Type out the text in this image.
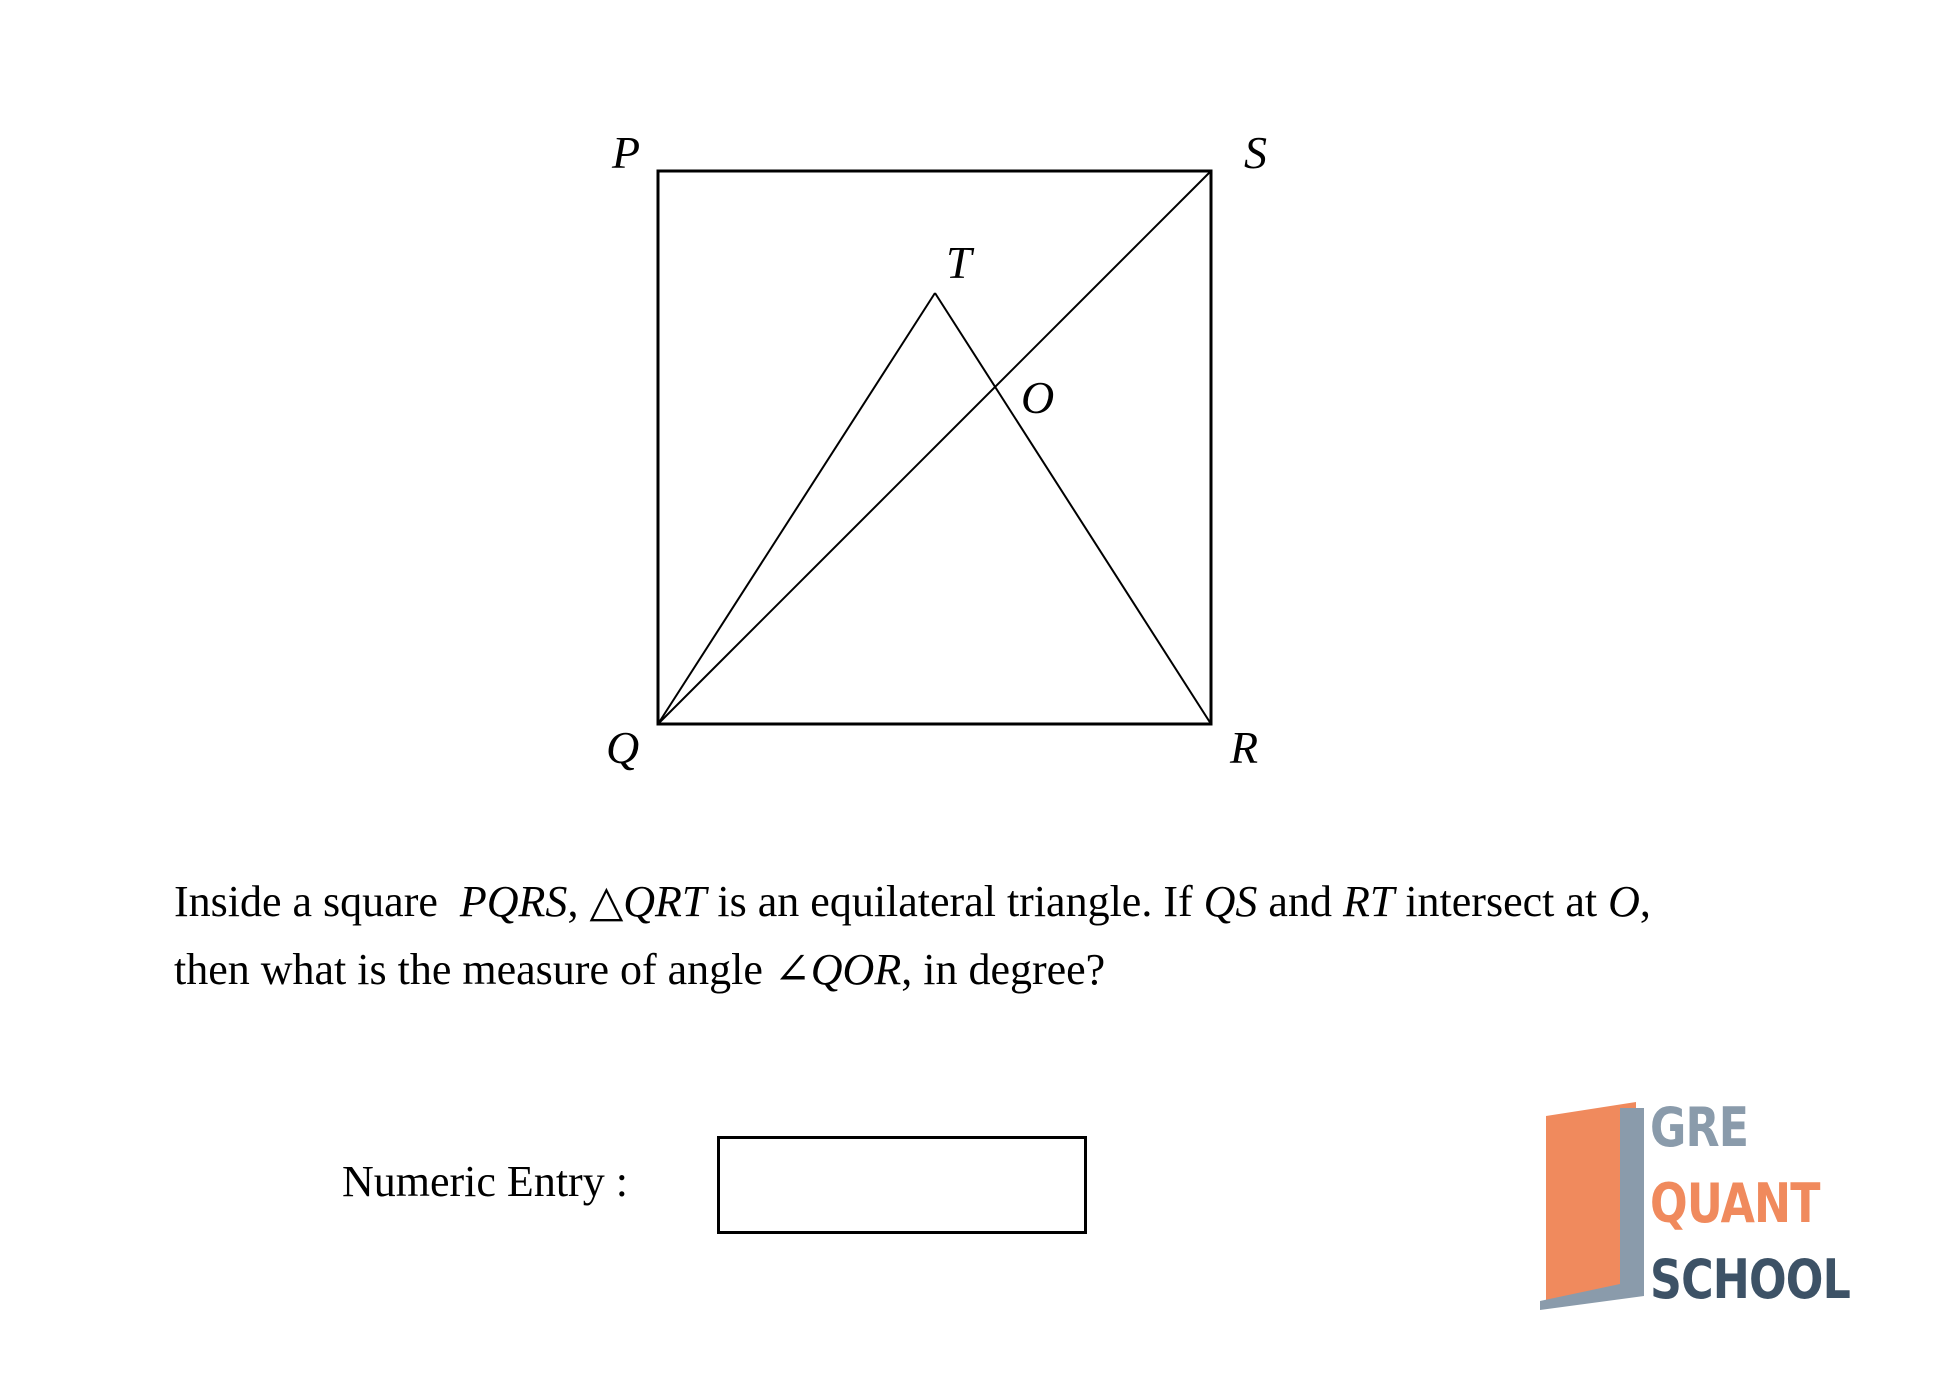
P	S
T
O
Q	R

Inside a square  PQRS, △QRT is an equilateral triangle. If QS and RT intersect at O,

then what is the measure of angle ∠QOR, in degree?

Numeric Entry :
GRE
QUANT
SCHOOL
